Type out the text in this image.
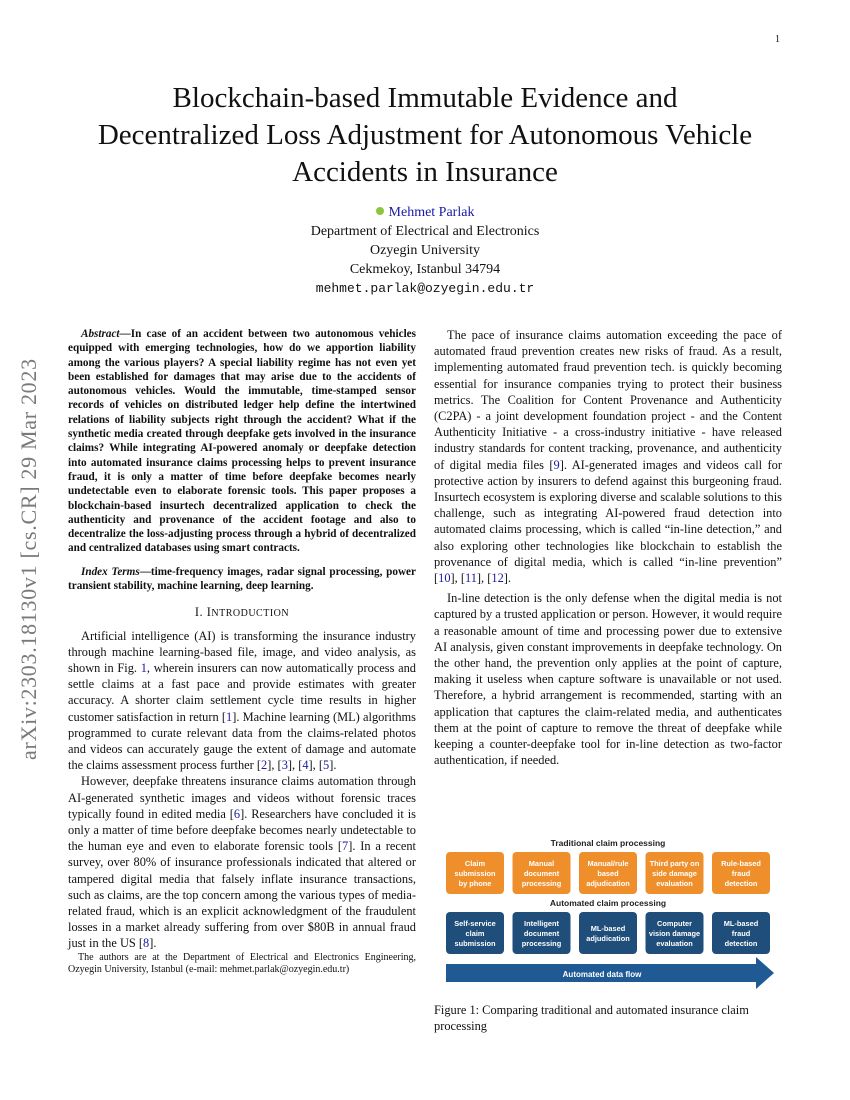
1
arXiv:2303.18130v1 [cs.CR] 29 Mar 2023
Blockchain-based Immutable Evidence and Decentralized Loss Adjustment for Autonomous Vehicle Accidents in Insurance
Mehmet Parlak
Department of Electrical and Electronics
Ozyegin University
Cekmekoy, Istanbul 34794
mehmet.parlak@ozyegin.edu.tr

Abstract—In case of an accident between two autonomous vehicles equipped with emerging technologies, how do we apportion liability among the various players? A special liability regime has not even yet been established for damages that may arise due to the accidents of autonomous vehicles. Would the immutable, time-stamped sensor records of vehicles on distributed ledger help define the intertwined relations of liability subjects right through the accident? What if the synthetic media created through deepfake gets involved in the insurance claims? While integrating AI-powered anomaly or deepfake detection into automated insurance claims processing helps to prevent insurance fraud, it is only a matter of time before deepfake becomes nearly undetectable even to elaborate forensic tools. This paper proposes a blockchain-based insurtech decentralized application to check the authenticity and provenance of the accident footage and also to decentralize the loss-adjusting process through a hybrid of decentralized and centralized databases using smart contracts.

Index Terms—time-frequency images, radar signal processing, power transient stability, machine learning, deep learning.

I. INTRODUCTION

Artificial intelligence (AI) is transforming the insurance industry through machine learning-based file, image, and video analysis, as shown in Fig. 1, wherein insurers can now automatically process and settle claims at a fast pace and provide estimates with greater accuracy. A shorter claim settlement cycle time results in higher customer satisfaction in return [1]. Machine learning (ML) algorithms programmed to curate relevant data from the claims-related photos and videos can accurately gauge the extent of damage and automate the claims assessment process further [2], [3], [4], [5].

However, deepfake threatens insurance claims automation through AI-generated synthetic images and videos without forensic traces typically found in edited media [6]. Researchers have concluded it is only a matter of time before deepfake becomes nearly undetectable to the human eye and even to elaborate forensic tools [7]. In a recent survey, over 80% of insurance professionals indicated that altered or tampered digital media that falsely inflate insurance transactions, such as claims, are the top concern among the various types of media-related fraud, which is an explicit acknowledgment of the fraudulent losses in a market already suffering from over $80B in annual fraud just in the US [8].

The authors are at the Department of Electrical and Electronics Engineering, Ozyegin University, Istanbul (e-mail: mehmet.parlak@ozyegin.edu.tr)

The pace of insurance claims automation exceeding the pace of automated fraud prevention creates new risks of fraud. As a result, implementing automated fraud prevention tech. is quickly becoming essential for insurance companies trying to protect their business metrics. The Coalition for Content Provenance and Authenticity (C2PA) - a joint development foundation project - and the Content Authenticity Initiative - a cross-industry initiative - have released industry standards for content tracking, provenance, and authenticity of digital media files [9]. AI-generated images and videos call for protective action by insurers to defend against this burgeoning fraud. Insurtech ecosystem is exploring diverse and scalable solutions to this challenge, such as integrating AI-powered fraud detection into automated claims processing, which is called “in-line detection,” and also exploring other technologies like blockchain to establish the provenance of digital media, which is called “in-line prevention” [10], [11], [12].

In-line detection is the only defense when the digital media is not captured by a trusted application or person. However, it would require a reasonable amount of time and processing power due to extensive AI analysis, given constant improvements in deepfake technology. On the other hand, the prevention only applies at the point of capture, making it useless when capture software is unavailable or not used. Therefore, a hybrid arrangement is recommended, starting with an application that captures the claim-related media, and authenticates them at the point of capture to remove the threat of deepfake while keeping a counter-deepfake tool for in-line detection as two-factor authentication, if needed.

Traditional claim processing
Automated claim processing
Claim
submission
by phone
Manual
document
processing
Manual/rule
based
adjudication
Third party on
side damage
evaluation
Rule-based
fraud
detection
Self-service
claim
submission
Intelligent
document
processing
ML-based
adjudication
Computer
vision damage
evaluation
ML-based
fraud
detection
Automated data flow
Figure 1: Comparing traditional and automated insurance claim processing
